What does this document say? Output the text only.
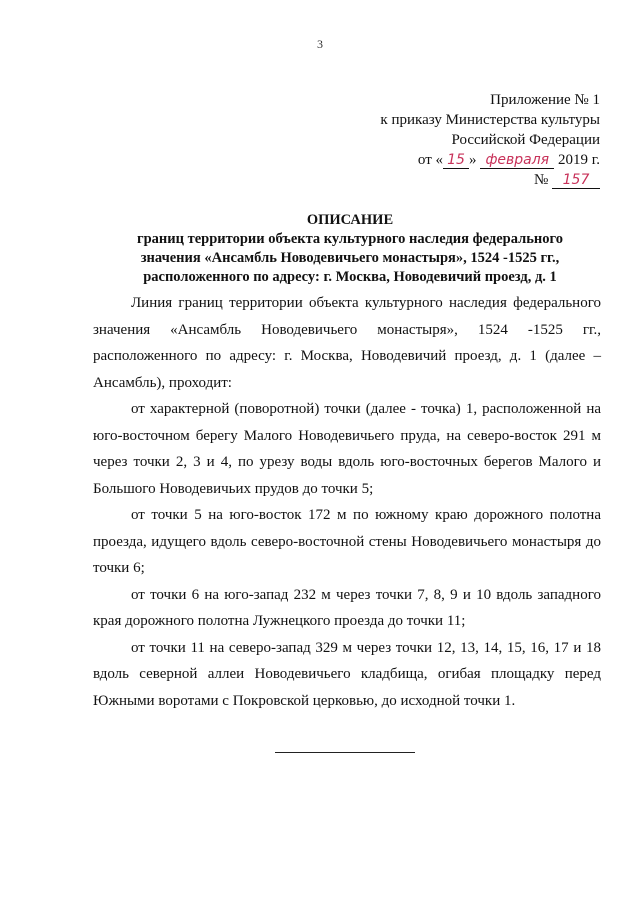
3
Приложение № 1
к приказу Министерства культуры
Российской Федерации
от « 15 » февраля 2019 г.
№ 157
ОПИСАНИЕ
границ территории объекта культурного наследия федерального
значения «Ансамбль Новодевичьего монастыря», 1524 -1525 гг.,
расположенного по адресу: г. Москва, Новодевичий проезд, д. 1

Линия границ территории объекта культурного наследия федерального значения «Ансамбль Новодевичьего монастыря», 1524 -1525 гг., расположенного по адресу: г. Москва, Новодевичий проезд, д. 1 (далее – Ансамбль), проходит:

от характерной (поворотной) точки (далее - точка) 1, расположенной на юго-восточном берегу Малого Новодевичьего пруда, на северо-восток 291 м через точки 2, 3 и 4, по урезу воды вдоль юго-восточных берегов Малого и Большого Новодевичьих прудов до точки 5;

от точки 5 на юго-восток 172 м по южному краю дорожного полотна проезда, идущего вдоль северо-восточной стены Новодевичьего монастыря до точки 6;

от точки 6 на юго-запад 232 м через точки 7, 8, 9 и 10 вдоль западного края дорожного полотна Лужнецкого проезда до точки 11;

от точки 11 на северо-запад 329 м через точки 12, 13, 14, 15, 16, 17 и 18 вдоль северной аллеи Новодевичьего кладбища, огибая площадку перед Южными воротами с Покровской церковью, до исходной точки 1.
